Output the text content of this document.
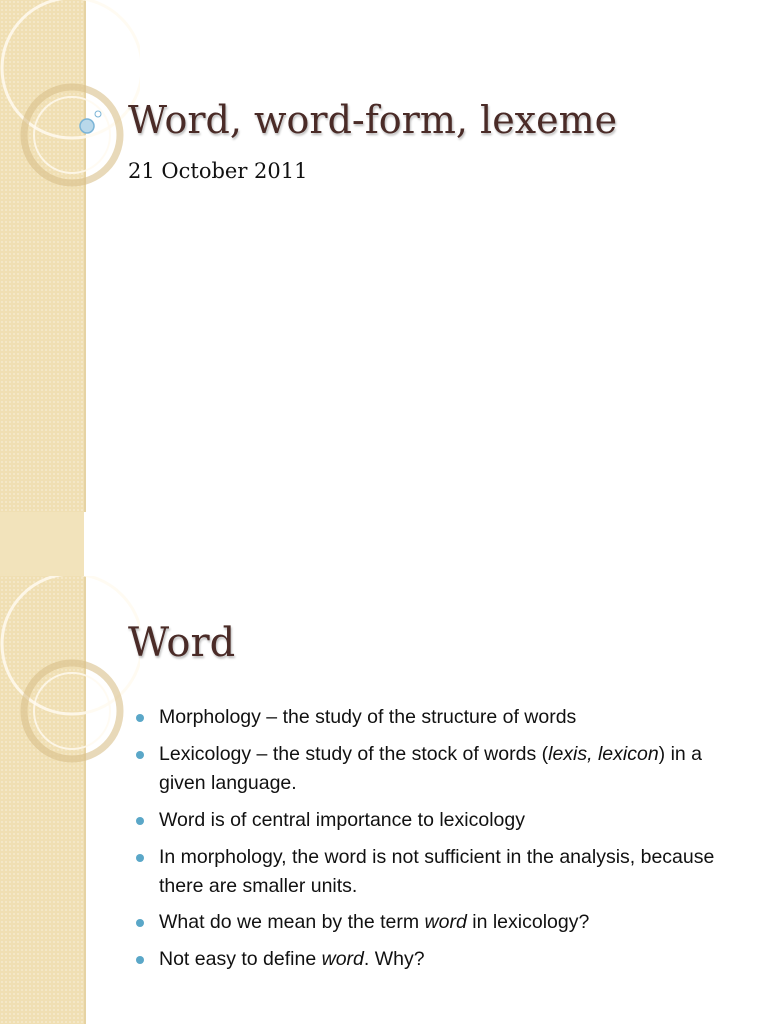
Word, word-form, lexeme
21 October 2011
Word
Morphology – the study of the structure of words
Lexicology – the study of the stock of words (lexis, lexicon) in a given language.
Word is of central importance to lexicology
In morphology, the word is not sufficient in the analysis, because there are smaller units.
What do we mean by the term word in lexicology?
Not easy to define word. Why?
